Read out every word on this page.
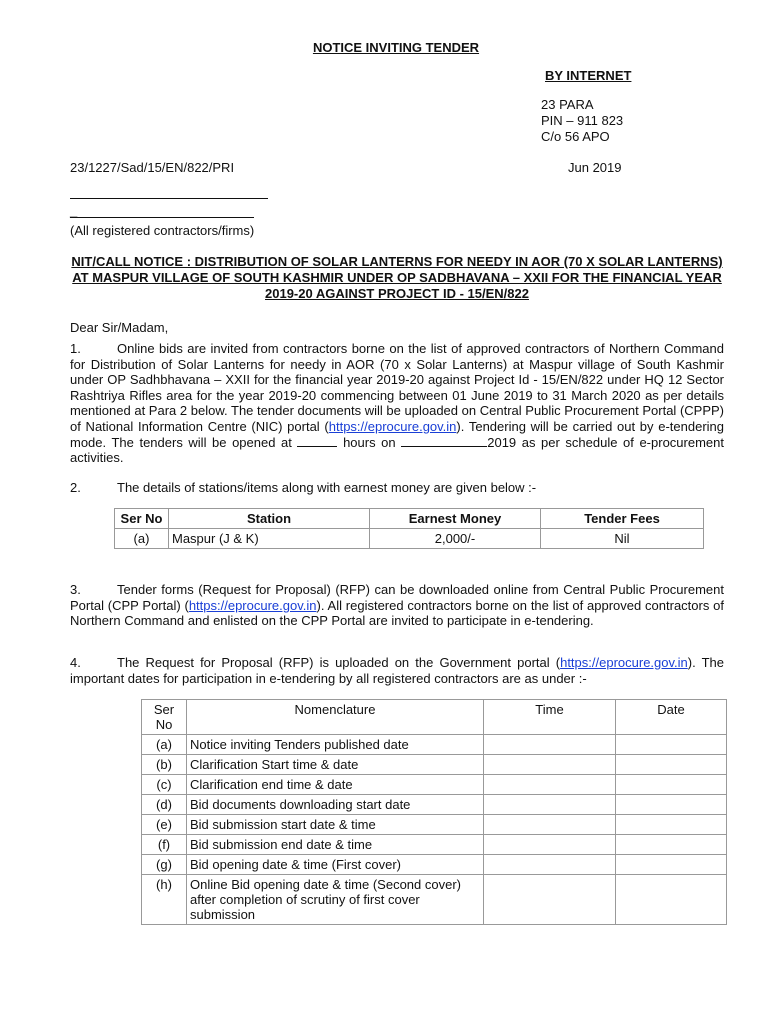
NOTICE INVITING TENDER
BY INTERNET
23 PARA
PIN – 911 823
C/o 56 APO
23/1227/Sad/15/EN/822/PRI	Jun 2019
_
(All registered contractors/firms)
NIT/CALL NOTICE : DISTRIBUTION OF SOLAR LANTERNS FOR NEEDY IN AOR (70 X SOLAR LANTERNS) AT MASPUR VILLAGE OF SOUTH KASHMIR UNDER OP SADBHAVANA – XXII FOR THE FINANCIAL YEAR 2019-20 AGAINST PROJECT ID - 15/EN/822
Dear Sir/Madam,
1.	Online bids are invited from contractors borne on the list of approved contractors of Northern Command for Distribution of Solar Lanterns for needy in AOR (70 x Solar Lanterns) at Maspur village of South Kashmir under OP Sadhbhavana – XXII for the financial year 2019-20 against Project Id - 15/EN/822 under HQ 12 Sector Rashtriya Rifles area for the year 2019-20 commencing between 01 June 2019 to 31 March 2020 as per details mentioned at Para 2 below. The tender documents will be uploaded on Central Public Procurement Portal (CPPP) of National Information Centre (NIC) portal (https://eprocure.gov.in). Tendering will be carried out by e-tendering mode. The tenders will be opened at	hours on	2019 as per schedule of e-procurement activities.
2.	The details of stations/items along with earnest money are given below :-
Ser No	Station	Earnest Money	Tender Fees
(a)	Maspur (J & K)	2,000/-	Nil
3.	Tender forms (Request for Proposal) (RFP) can be downloaded online from Central Public Procurement Portal (CPP Portal) (https://eprocure.gov.in). All registered contractors borne on the list of approved contractors of Northern Command and enlisted on the CPP Portal are invited to participate in e-tendering.
4.	The Request for Proposal (RFP) is uploaded on the Government portal (https://eprocure.gov.in). The important dates for participation in e-tendering by all registered contractors are as under :-
Ser No	Nomenclature	Time	Date
(a)	Notice inviting Tenders published date		
(b)	Clarification Start time & date		
(c)	Clarification end time & date		
(d)	Bid documents downloading start date		
(e)	Bid submission start date & time		
(f)	Bid submission end date & time		
(g)	Bid opening date & time (First cover)		
(h)	Online Bid opening date & time (Second cover) after completion of scrutiny of first cover submission		
